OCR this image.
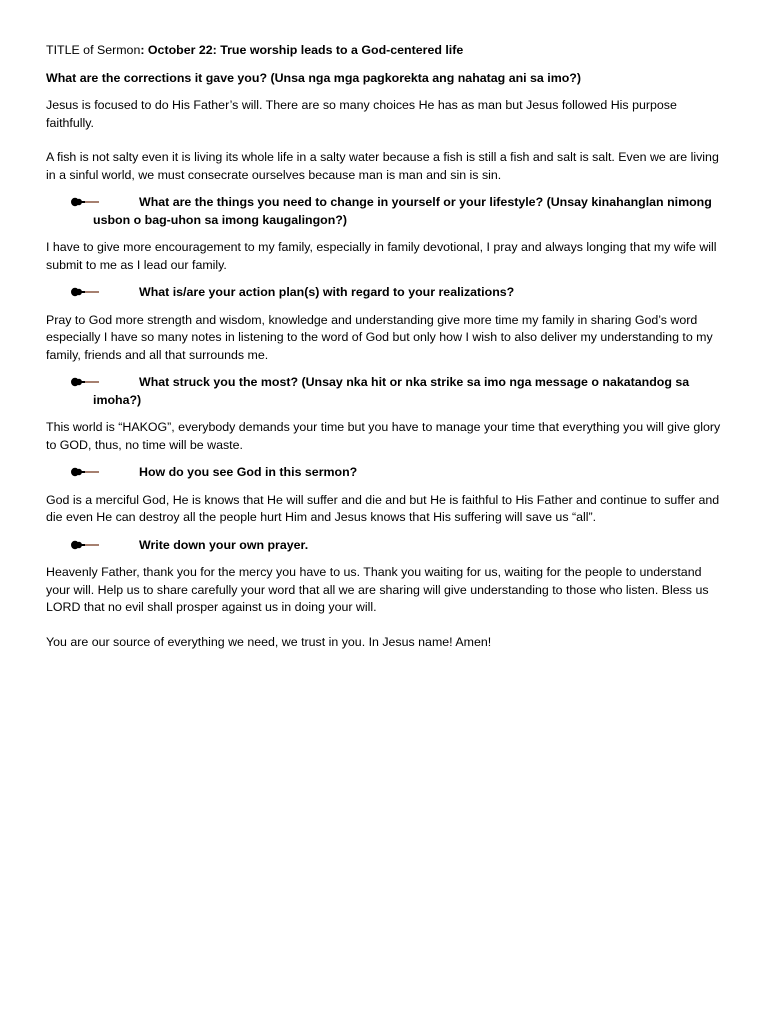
TITLE of Sermon: October 22: True worship leads to a God-centered life

What are the corrections it gave you? (Unsa nga mga pagkorekta ang nahatag ani sa imo?)

Jesus is focused to do His Father’s will. There are so many choices He has as man but Jesus followed His purpose faithfully.

A fish is not salty even it is living its whole life in a salty water because a fish is still a fish and salt is salt. Even we are living in a sinful world, we must consecrate ourselves because man is man and sin is sin.

What are the things you need to change in yourself or your lifestyle? (Unsay kinahanglan nimong usbon o bag-uhon sa imong kaugalingon?)

I have to give more encouragement to my family, especially in family devotional, I pray and always longing that my wife will submit to me as I lead our family.

What is/are your action plan(s) with regard to your realizations?

Pray to God more strength and wisdom, knowledge and understanding give more time my family in sharing God’s word especially I have so many notes in listening to the word of God but only how I wish to also deliver my understanding to my family, friends and all that surrounds me.

What struck you the most? (Unsay nka hit or nka strike sa imo nga message o nakatandog sa imoha?)

This world is “HAKOG”, everybody demands your time but you have to manage your time that everything you will give glory to GOD, thus, no time will be waste.

How do you see God in this sermon?

God is a merciful God, He is knows that He will suffer and die and but He is faithful to His Father and continue to suffer and die even He can destroy all the people hurt Him and Jesus knows that His suffering will save us “all”.

Write down your own prayer.

Heavenly Father, thank you for the mercy you have to us. Thank you waiting for us, waiting for the people to understand your will. Help us to share carefully your word that all we are sharing will give understanding to those who listen. Bless us LORD that no evil shall prosper against us in doing your will.

You are our source of everything we need, we trust in you. In Jesus name! Amen!
